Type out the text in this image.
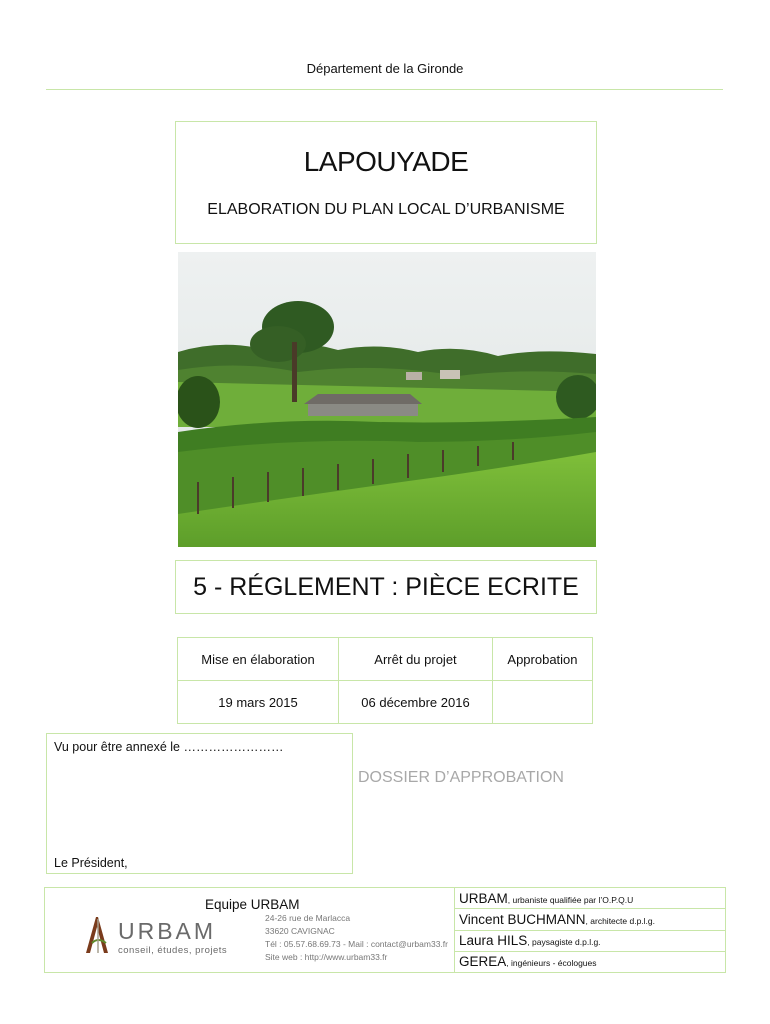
Département de la Gironde
LAPOUYADE
ELABORATION DU PLAN LOCAL D’URBANISME
5 - RÉGLEMENT : PIÈCE ECRITE
Mise en élaboration	Arrêt du projet	Approbation
19 mars 2015	06 décembre 2016	
Vu pour être annexé le ……………………
Le Président,
DOSSIER D’APPROBATION
Equipe URBAM
URBAM
conseil, études, projets
24-26 rue de Marlacca
33620 CAVIGNAC
Tél : 05.57.68.69.73 - Mail : contact@urbam33.fr
Site web : http://www.urbam33.fr
URBAM, urbaniste qualifiée par l’O.P.Q.U
Vincent BUCHMANN, architecte d.p.l.g.
Laura HILS, paysagiste d.p.l.g.
GEREA, ingénieurs - écologues
